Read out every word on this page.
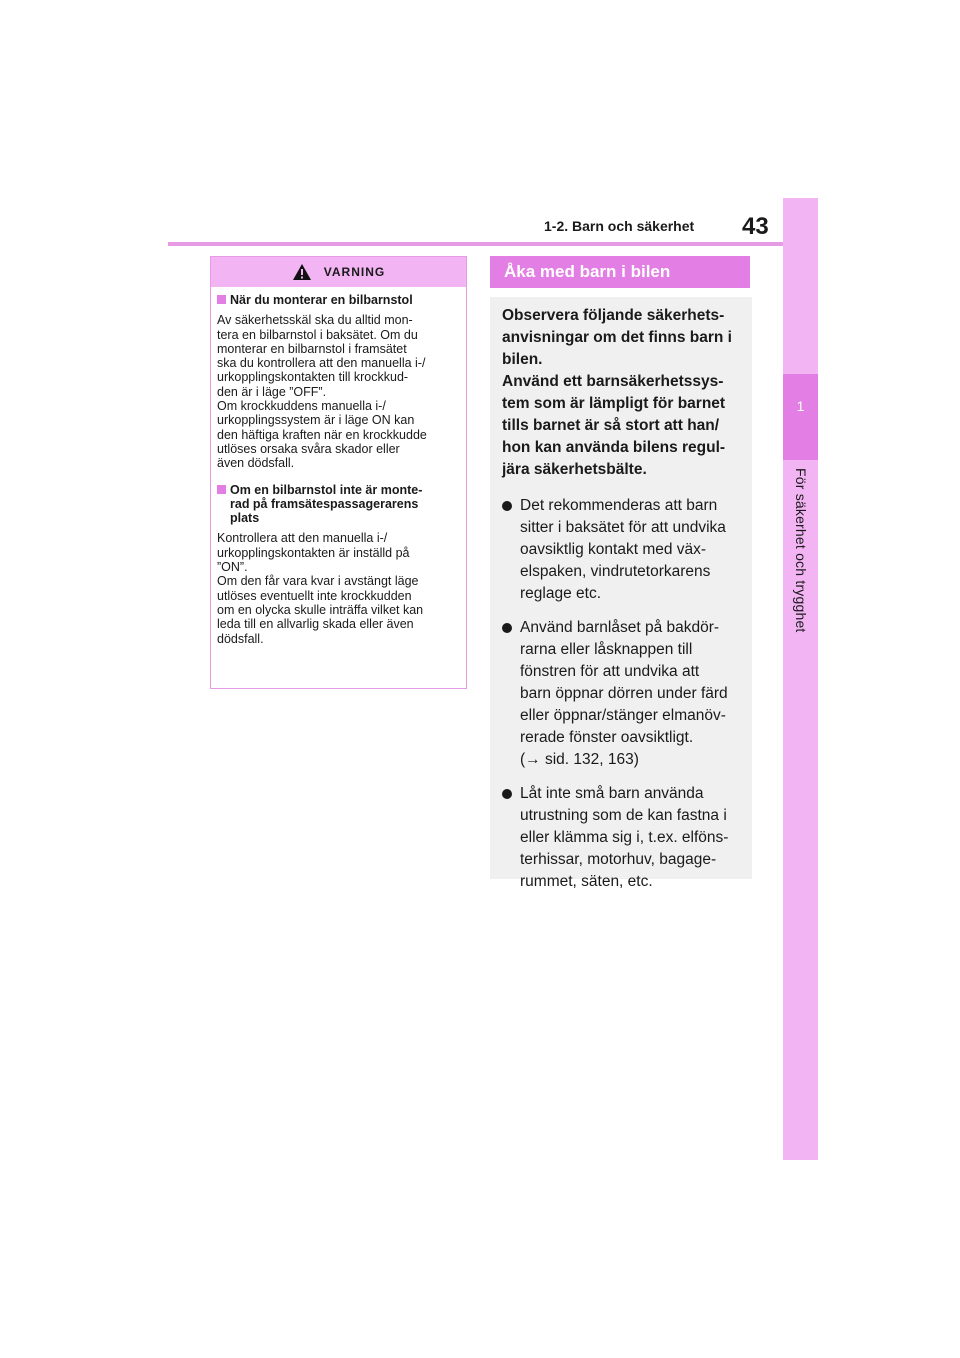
1-2. Barn och säkerhet 43
1
För säkerhet och trygghet
VARNING
När du monterar en bilbarnstol
Av säkerhetsskäl ska du alltid mon-
tera en bilbarnstol i baksätet. Om du
monterar en bilbarnstol i framsätet
ska du kontrollera att den manuella i-/
urkopplingskontakten till krockkud-
den är i läge ”OFF”.
Om krockkuddens manuella i-/
urkopplingssystem är i läge ON kan
den häftiga kraften när en krockkudde
utlöses orsaka svåra skador eller
även dödsfall.
Om en bilbarnstol inte är monte-
rad på framsätespassagerarens
plats
Kontrollera att den manuella i-/
urkopplingskontakten är inställd på
”ON”.
Om den får vara kvar i avstängt läge
utlöses eventuellt inte krockkudden
om en olycka skulle inträffa vilket kan
leda till en allvarlig skada eller även
dödsfall.
Åka med barn i bilen
Observera följande säkerhets-
anvisningar om det finns barn i
bilen.
Använd ett barnsäkerhetssys-
tem som är lämpligt för barnet
tills barnet är så stort att han/
hon kan använda bilens regul-
jära säkerhetsbälte.
Det rekommenderas att barn
sitter i baksätet för att undvika
oavsiktlig kontakt med väx-
elspaken, vindrutetorkarens
reglage etc.
Använd barnlåset på bakdör-
rarna eller låsknappen till
fönstren för att undvika att
barn öppnar dörren under färd
eller öppnar/stänger elmanöv-
rerade fönster oavsiktligt.
(→ sid. 132, 163)
Låt inte små barn använda
utrustning som de kan fastna i
eller klämma sig i, t.ex. elföns-
terhissar, motorhuv, bagage-
rummet, säten, etc.
